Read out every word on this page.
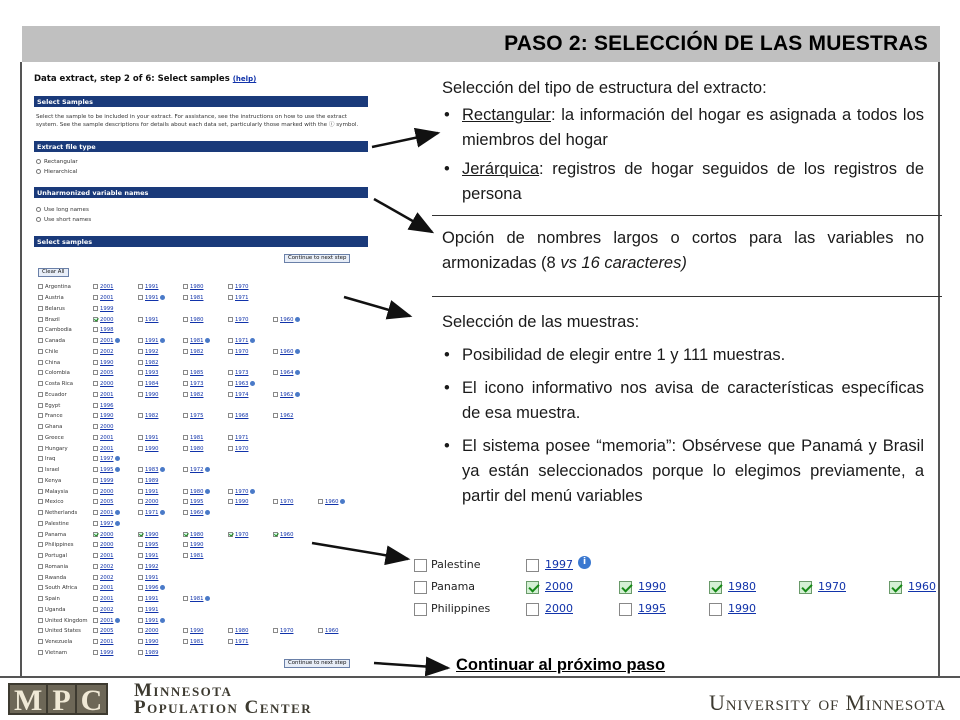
PASO 2: SELECCIÓN DE LAS MUESTRAS
Data extract, step 2 of 6: Select samples (help)
Select Samples
Select the sample to be included in your extract. For assistance, see the instructions on how to use the extract
system. See the sample descriptions for details about each data set, particularly those marked with the ⓘ symbol.
Extract file type
Rectangular
Hierarchical
Unharmonized variable names
Use long names
Use short names
Select samples
Continue to next step
Clear All
Argentina	2001	1991	1980	1970		
Austria	2001	1991	1981	1971		
Belarus	1999					
Brazil	2000	1991	1980	1970	1960	
Cambodia	1998					
Canada	2001	1991	1981	1971		
Chile	2002	1992	1982	1970	1960	
China	1990	1982				
Colombia	2005	1993	1985	1973	1964	
Costa Rica	2000	1984	1973	1963		
Ecuador	2001	1990	1982	1974	1962	
Egypt	1996					
France	1990	1982	1975	1968	1962	
Ghana	2000					
Greece	2001	1991	1981	1971		
Hungary	2001	1990	1980	1970		
Iraq	1997					
Israel	1995	1983	1972			
Kenya	1999	1989				
Malaysia	2000	1991	1980	1970		
Mexico	2005	2000	1995	1990	1970	1960
Netherlands	2001	1971	1960			
Palestine	1997					
Panama	2000	1990	1980	1970	1960	
Philippines	2000	1995	1990			
Portugal	2001	1991	1981			
Romania	2002	1992				
Rwanda	2002	1991				
South Africa	2001	1996				
Spain	2001	1991	1981			
Uganda	2002	1991				
United Kingdom	2001	1991				
United States	2005	2000	1990	1980	1970	1960
Venezuela	2001	1990	1981	1971		
Vietnam	1999	1989				
Continue to next step
Selección del tipo de estructura del extracto:
• Rectangular: la información del hogar es asignada a todos los miembros del hogar
• Jerárquica: registros de hogar seguidos de los registros de persona
Opción de nombres largos o cortos para las variables no armonizadas (8 vs 16 caracteres)
Selección de las muestras:
• Posibilidad de elegir entre 1 y 111 muestras.
• El icono informativo nos avisa de características específicas de esa muestra.
• El sistema posee “memoria”: Obsérvese que Panamá y Brasil ya están seleccionados porque lo elegimos previamente, a partir del menú variables
Palestine	1997	i
Panama	2000	1990	1980	1970	1960
Philippines	2000	1995	1990
Continuar al próximo paso
M P C	Minnesota
Population Center	University of Minnesota
